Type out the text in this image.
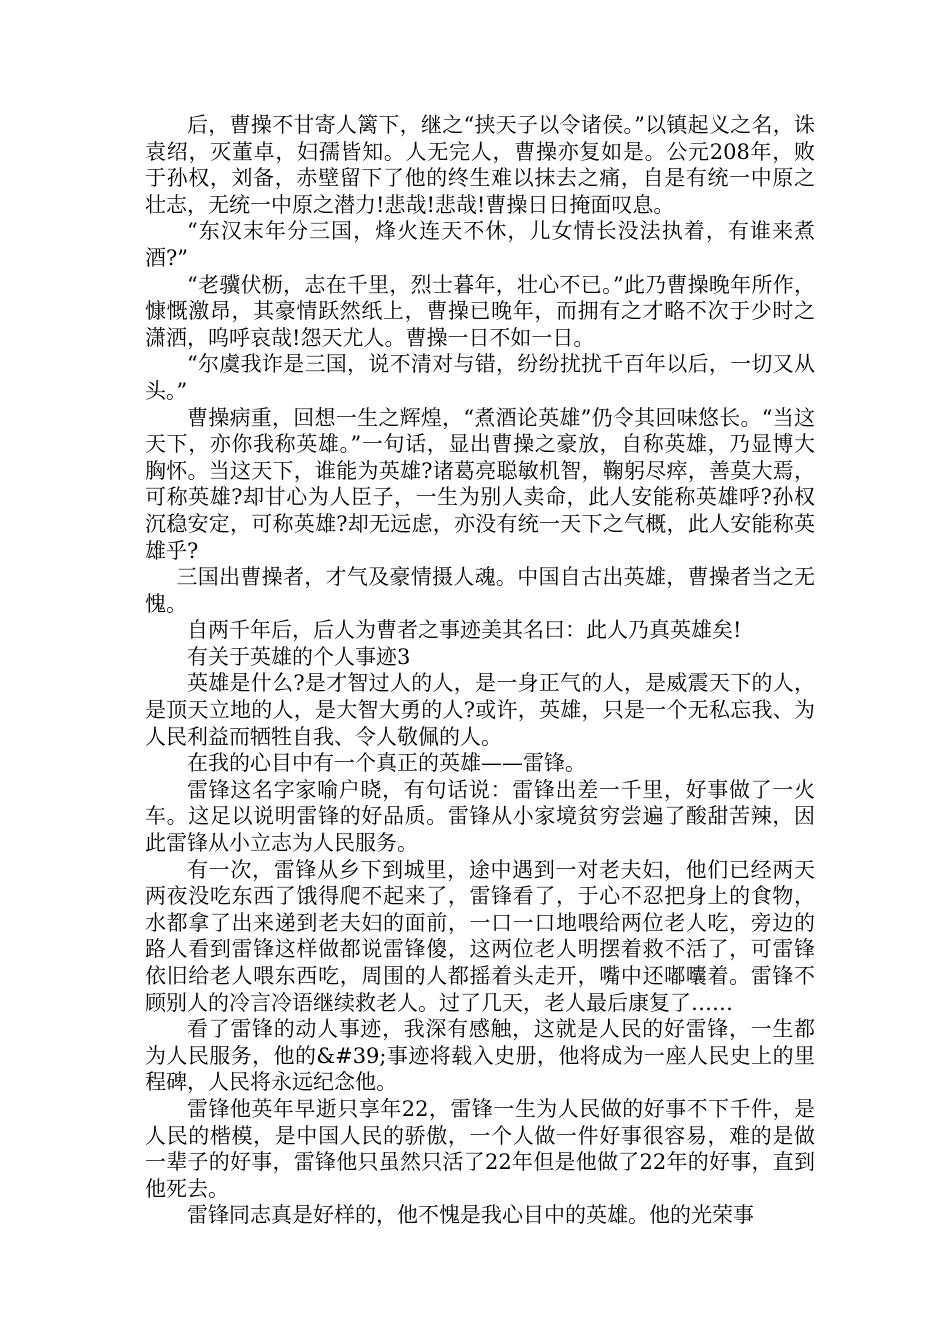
后，曹操不甘寄人篱下，继之“挟天子以令诸侯。”以镇起义之名，诛袁绍，灭董卓，妇孺皆知。人无完人，曹操亦复如是。公元208年，败于孙权，刘备，赤壁留下了他的终生难以抹去之痛，自是有统一中原之壮志，无统一中原之潜力!悲哉!悲哉!曹操日日掩面叹息。

“东汉末年分三国，烽火连天不休，儿女情长没法执着，有谁来煮酒?”

“老骥伏枥，志在千里，烈士暮年，壮心不已。”此乃曹操晚年所作，慷慨激昂，其豪情跃然纸上，曹操已晚年，而拥有之才略不次于少时之潇洒，呜呼哀哉!怨天尤人。曹操一日不如一日。

“尔虞我诈是三国，说不清对与错，纷纷扰扰千百年以后，一切又从头。”

曹操病重，回想一生之辉煌，“煮酒论英雄”仍令其回味悠长。“当这天下，亦你我称英雄。”一句话，显出曹操之豪放，自称英雄，乃显博大胸怀。当这天下，谁能为英雄?诸葛亮聪敏机智，鞠躬尽瘁，善莫大焉，可称英雄?却甘心为人臣子，一生为别人卖命，此人安能称英雄呼?孙权沉稳安定，可称英雄?却无远虑，亦没有统一天下之气概，此人安能称英雄乎?

三国出曹操者，才气及豪情摄人魂。中国自古出英雄，曹操者当之无愧。

自两千年后，后人为曹者之事迹美其名曰：此人乃真英雄矣!

有关于英雄的个人事迹3

英雄是什么?是才智过人的人，是一身正气的人，是威震天下的人，是顶天立地的人，是大智大勇的人?或许，英雄，只是一个无私忘我、为人民利益而牺牲自我、令人敬佩的人。

在我的心目中有一个真正的英雄——雷锋。

雷锋这名字家喻户晓，有句话说：雷锋出差一千里，好事做了一火车。这足以说明雷锋的好品质。雷锋从小家境贫穷尝遍了酸甜苦辣，因此雷锋从小立志为人民服务。

有一次，雷锋从乡下到城里，途中遇到一对老夫妇，他们已经两天两夜没吃东西了饿得爬不起来了，雷锋看了，于心不忍把身上的食物，水都拿了出来递到老夫妇的面前，一口一口地喂给两位老人吃，旁边的路人看到雷锋这样做都说雷锋傻，这两位老人明摆着救不活了，可雷锋依旧给老人喂东西吃，周围的人都摇着头走开，嘴中还嘟囔着。雷锋不顾别人的冷言冷语继续救老人。过了几天，老人最后康复了……

看了雷锋的动人事迹，我深有感触，这就是人民的好雷锋，一生都为人民服务，他的&#39;事迹将载入史册，他将成为一座人民史上的里程碑，人民将永远纪念他。

雷锋他英年早逝只享年22，雷锋一生为人民做的好事不下千件，是人民的楷模，是中国人民的骄傲，一个人做一件好事很容易，难的是做一辈子的好事，雷锋他只虽然只活了22年但是他做了22年的好事，直到他死去。

雷锋同志真是好样的，他不愧是我心目中的英雄。他的光荣事
